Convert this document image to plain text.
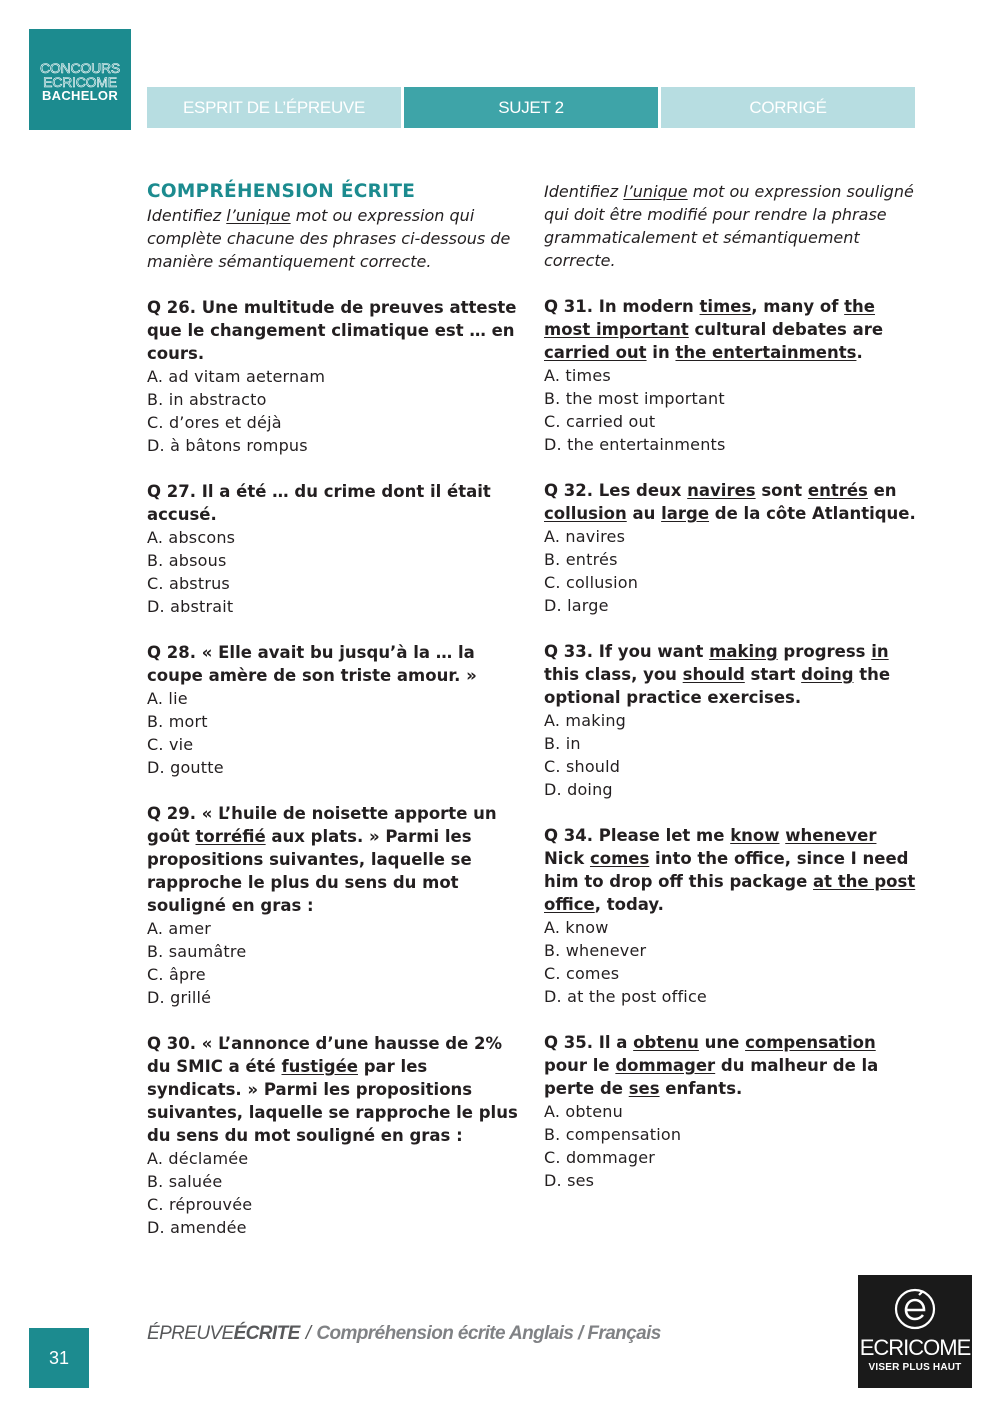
CONCOURS
ECRICOME
BACHELOR
ESPRIT DE L’ÉPREUVE	SUJET 2	CORRIGÉ
COMPRÉHENSION ÉCRITE
Identifiez l’unique mot ou expression qui complète chacune des phrases ci-dessous de manière sémantiquement correcte.
Q 26. Une multitude de preuves atteste que le changement climatique est … en cours.
A. ad vitam aeternam
B. in abstracto
C. d’ores et déjà
D. à bâtons rompus
Q 27. Il a été … du crime dont il était accusé.
A. abscons
B. absous
C. abstrus
D. abstrait
Q 28. « Elle avait bu jusqu’à la … la coupe amère de son triste amour. »
A. lie
B. mort
C. vie
D. goutte
Q 29. « L’huile de noisette apporte un goût torréfié aux plats. » Parmi les propositions suivantes, laquelle se rapproche le plus du sens du mot souligné en gras :
A. amer
B. saumâtre
C. âpre
D. grillé
Q 30. « L’annonce d’une hausse de 2% du SMIC a été fustigée par les syndicats. » Parmi les propositions suivantes, laquelle se rapproche le plus du sens du mot souligné en gras :
A. déclamée
B. saluée
C. réprouvée
D. amendée
Identifiez l’unique mot ou expression souligné qui doit être modifié pour rendre la phrase grammaticalement et sémantiquement correcte.
Q 31. In modern times, many of the most important cultural debates are carried out in the entertainments.
A. times
B. the most important
C. carried out
D. the entertainments
Q 32. Les deux navires sont entrés en collusion au large de la côte Atlantique.
A. navires
B. entrés
C. collusion
D. large
Q 33. If you want making progress in this class, you should start doing the optional practice exercises.
A. making
B. in
C. should
D. doing
Q 34. Please let me know whenever Nick comes into the office, since I need him to drop off this package at the post office, today.
A. know
B. whenever
C. comes
D. at the post office
Q 35. Il a obtenu une compensation pour le dommager du malheur de la perte de ses enfants.
A. obtenu
B. compensation
C. dommager
D. ses
31
ÉPREUVEÉCRITE / Compréhension écrite Anglais / Français
ECRICOME
VISER PLUS HAUT
